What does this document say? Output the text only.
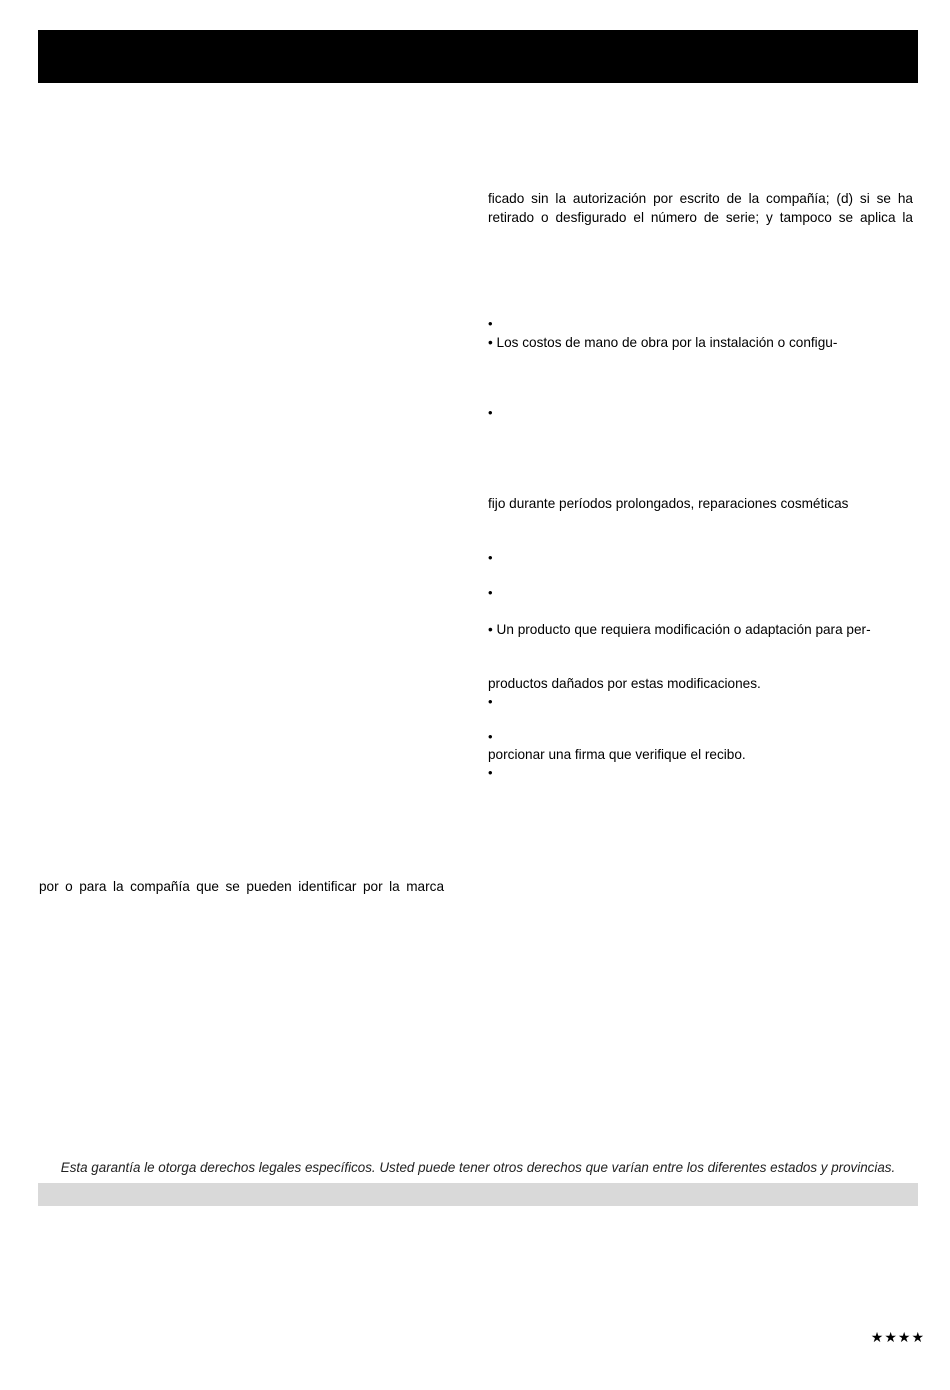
ficado sin la autorización por escrito de la compañía; (d) si se ha
retirado o desfigurado el número de serie; y tampoco se aplica la
•
• Los costos de mano de obra por la instalación o configu-
•
fijo durante períodos prolongados, reparaciones cosméticas
•
•
• Un producto que requiera modificación o adaptación para per-
productos dañados por estas modificaciones.
•
•
porcionar una firma que verifique el recibo.
•
por o para la compañía que se pueden identificar por la marca
Esta garantía le otorga derechos legales específicos. Usted puede tener otros derechos que varían entre los diferentes estados y provincias.
★★★★
